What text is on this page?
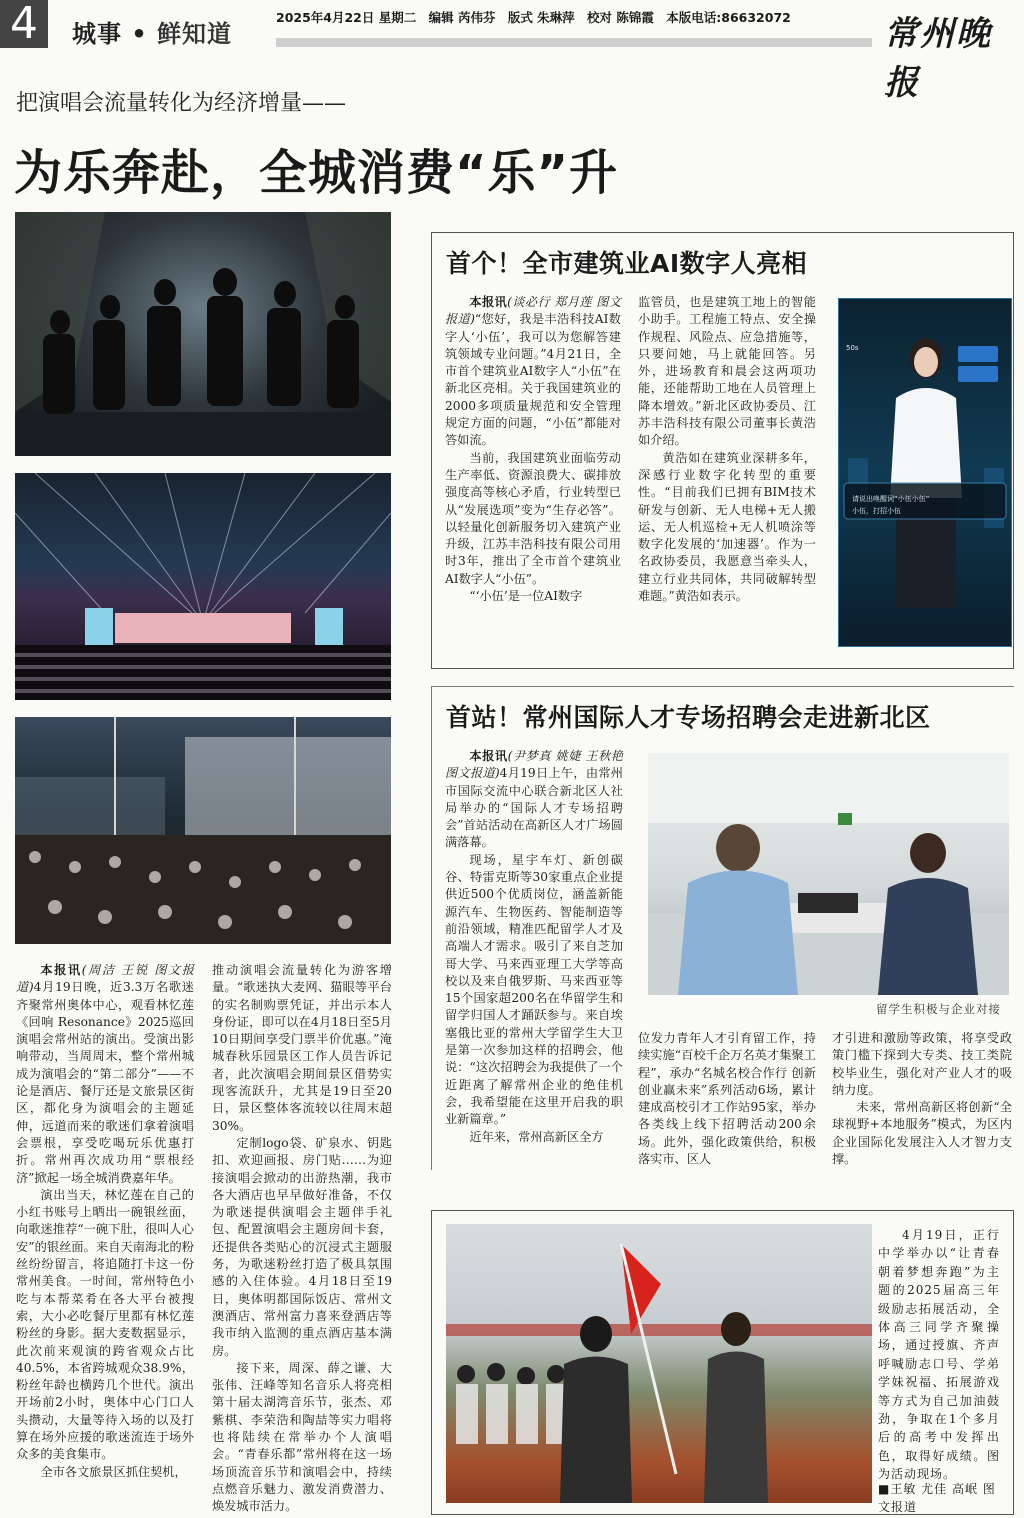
4	城事 • 鲜知道
2025年4月22日 星期二 编辑 芮伟芬 版式 朱琳萍 校对 陈锦霞 本版电话:86632072	常州晚报
把演唱会流量转化为经济增量——
为乐奔赴，全城消费“乐”升

本报讯(周洁 王锐 图文报道)4月19日晚，近3.3万名歌迷齐聚常州奥体中心，观看林忆莲《回响 Resonance》2025巡回演唱会常州站的演出。受演出影响带动，当周周末，整个常州城成为演唱会的“第二部分”——不论是酒店、餐厅还是文旅景区街区，都化身为演唱会的主题延伸，远道而来的歌迷们拿着演唱会票根，享受吃喝玩乐优惠打折。常州再次成功用“票根经济”掀起一场全城消费嘉年华。

演出当天，林忆莲在自己的小红书账号上晒出一碗银丝面，向歌迷推荐“一碗下肚，很叫人心安”的银丝面。来自天南海北的粉丝纷纷留言，将追随打卡这一份常州美食。一时间，常州特色小吃与本帮菜肴在各大平台被搜索，大小必吃餐厅里都有林忆莲粉丝的身影。据大麦数据显示，此次前来观演的跨省观众占比40.5%，本省跨城观众38.9%，粉丝年龄也横跨几个世代。演出开场前2小时，奥体中心门口人头攒动，大量等待入场的以及打算在场外应援的歌迷流连于场外众多的美食集市。

全市各文旅景区抓住契机，

推动演唱会流量转化为游客增量。“歌迷执大麦网、猫眼等平台的实名制购票凭证，并出示本人身份证，即可以在4月18日至5月10日期间享受门票半价优惠。”淹城春秋乐园景区工作人员告诉记者，此次演唱会期间景区借势实现客流跃升，尤其是19日至20日，景区整体客流较以往周末超30%。

定制logo袋、矿泉水、钥匙扣、欢迎画报、房门贴……为迎接演唱会掀动的出游热潮，我市各大酒店也早早做好准备，不仅为歌迷提供演唱会主题伴手礼包、配置演唱会主题房间卡套，还提供各类贴心的沉浸式主题服务，为歌迷粉丝打造了极具氛围感的入住体验。4月18日至19日，奥体明都国际饭店、常州文澳酒店、常州富力喜来登酒店等我市纳入监测的重点酒店基本满房。

接下来，周深、薛之谦、大张伟、汪峰等知名音乐人将亮相第十届太湖湾音乐节，张杰、邓紫棋、李荣浩和陶喆等实力唱将也将陆续在常举办个人演唱会。“青春乐都”常州将在这一场场顶流音乐节和演唱会中，持续点燃音乐魅力、激发消费潜力、焕发城市活力。

首个！全市建筑业AI数字人亮相

本报讯(谈必行 郑月莲 图文报道)“您好，我是丰浩科技AI数字人‘小伍’，我可以为您解答建筑领域专业问题。”4月21日，全市首个建筑业AI数字人“小伍”在新北区亮相。关于我国建筑业的2000多项质量规范和安全管理规定方面的问题，“小伍”都能对答如流。

当前，我国建筑业面临劳动生产率低、资源浪费大、碳排放强度高等核心矛盾，行业转型已从“发展选项”变为“生存必答”。以轻量化创新服务切入建筑产业升级，江苏丰浩科技有限公司用时3年，推出了全市首个建筑业AI数字人“小伍”。

“‘小伍’是一位AI数字

监管员，也是建筑工地上的智能小助手。工程施工特点、安全操作规程、风险点、应急措施等，只要问她，马上就能回答。另外，进场教育和晨会这两项功能，还能帮助工地在人员管理上降本增效。”新北区政协委员、江苏丰浩科技有限公司董事长黄浩如介绍。

黄浩如在建筑业深耕多年，深感行业数字化转型的重要性。“目前我们已拥有BIM技术研发与创新、无人电梯+无人搬运、无人机巡检+无人机喷涂等数字化发展的‘加速器’。作为一名政协委员，我愿意当牵头人，建立行业共同体，共同破解转型难题。”黄浩如表示。

50s
请说出唤醒词“小伍小伍”
小伍，打招小伍
首站！常州国际人才专场招聘会走进新北区

本报讯(尹梦真 姚婕 王秋艳 图文报道)4月19日上午，由常州市国际交流中心联合新北区人社局举办的“国际人才专场招聘会”首站活动在高新区人才广场圆满落幕。

现场，星宇车灯、新创碳谷、特雷克斯等30家重点企业提供近500个优质岗位，涵盖新能源汽车、生物医药、智能制造等前沿领域，精准匹配留学人才及高端人才需求。吸引了来自芝加哥大学、马来西亚理工大学等高校以及来自俄罗斯、马来西亚等15个国家超200名在华留学生和留学归国人才踊跃参与。来自埃塞俄比亚的常州大学留学生大卫是第一次参加这样的招聘会，他说：“这次招聘会为我提供了一个近距离了解常州企业的绝佳机会，我希望能在这里开启我的职业新篇章。”

近年来，常州高新区全方

留学生积极与企业对接

位发力青年人才引育留工作，持续实施“百校千企万名英才集聚工程”，承办“名城名校合作行 创新创业赢未来”系列活动6场，累计建成高校引才工作站95家，举办各类线上线下招聘活动200余场。此外，强化政策供给，积极落实市、区人

才引进和激励等政策，将享受政策门槛下探到大专类、技工类院校毕业生，强化对产业人才的吸纳力度。

未来，常州高新区将创新“全球视野+本地服务”模式，为区内企业国际化发展注入人才智力支撑。

4月19日，正行中学举办以“让青春朝着梦想奔跑”为主题的2025届高三年级励志拓展活动，全体高三同学齐聚操场，通过授旗、齐声呼喊励志口号、学弟学妹祝福、拓展游戏等方式为自己加油鼓劲，争取在1个多月后的高考中发挥出色，取得好成绩。图为活动现场。

■王敏 尤佳 高岷 图文报道
